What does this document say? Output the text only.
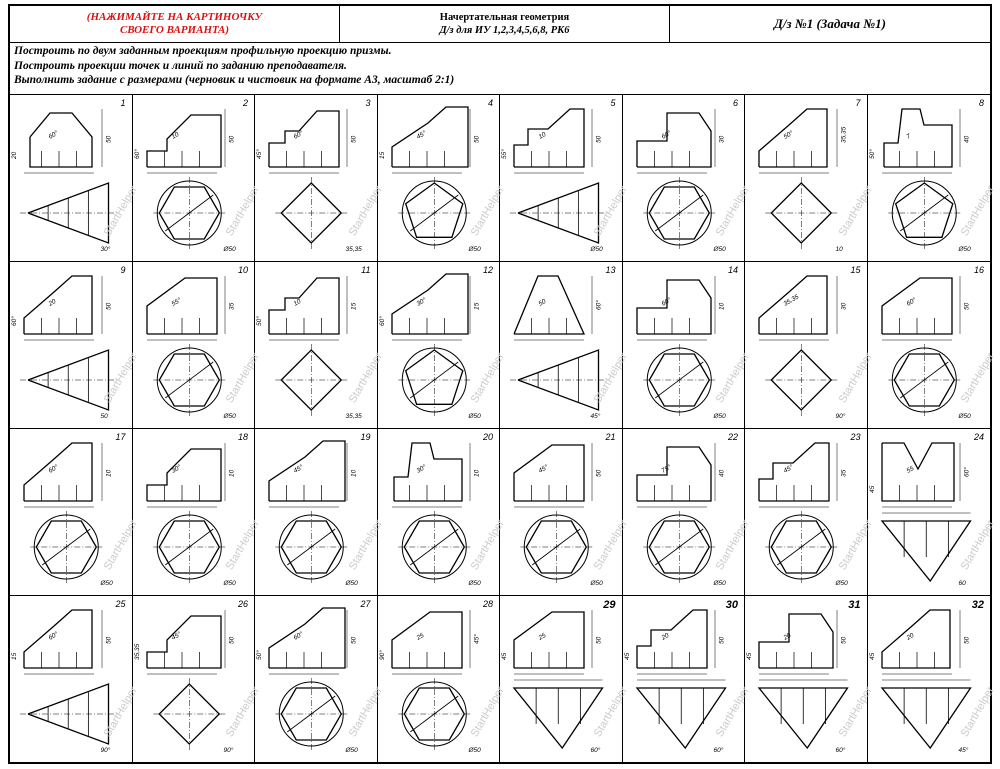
(НАЖИМАЙТЕ НА КАРТИНОЧКУ
СВОЕГО ВАРИАНТА)
Начертательная геометрия
Д/з для ИУ 1,2,3,4,5,6,8, РК6	Д/з №1 (Задача №1)
Построить по двум заданным проекциям профильную проекцию призмы.
Построить проекции точек и линий по заданию преподавателя.
Выполнить задание с размерами (черновик и чистовик на формате А3, масштаб 2:1)
1
50
30°
60°
20
StartHelper
2
50
Ø50
10
60°
StartHelper
3
50
35,35
60°
45°
StartHelper
4
50
Ø50
45°
15
StartHelper
5
50
Ø50
10
55°
StartHelper
6
30
Ø50
60°
StartHelper
7
35,35
10
50°
StartHelper
8
40
Ø50
7
50°
StartHelper
9
50
50
20
60°
StartHelper
10
35
Ø50
55°
StartHelper
11
15
35,35
10
50°
StartHelper
12
15
Ø50
30°
60°
StartHelper
13
60°
45°
50
StartHelper
14
10
Ø50
60°
StartHelper
15
30
90°
35,35
StartHelper
16
50
Ø50
60°
StartHelper
17
10
Ø50
60°
StartHelper
18
10
Ø50
30°
StartHelper
19
10
Ø50
45°
StartHelper
20
10
Ø50
30°
StartHelper
21
50
Ø50
45°
StartHelper
22
40
Ø50
75°
StartHelper
23
35
Ø50
45°
StartHelper
24
60°
60
55
45
StartHelper
25
50
90°
60°
15
StartHelper
26
50
90°
45°
35,35
StartHelper
27
50
Ø50
60°
50°
StartHelper
28
45°
Ø50
25
90°
StartHelper
29
50
60°
25
45
StartHelper
30
50
60°
20
45
StartHelper
31
50
60°
20
45
StartHelper
32
50
45°
20
45
StartHelper
